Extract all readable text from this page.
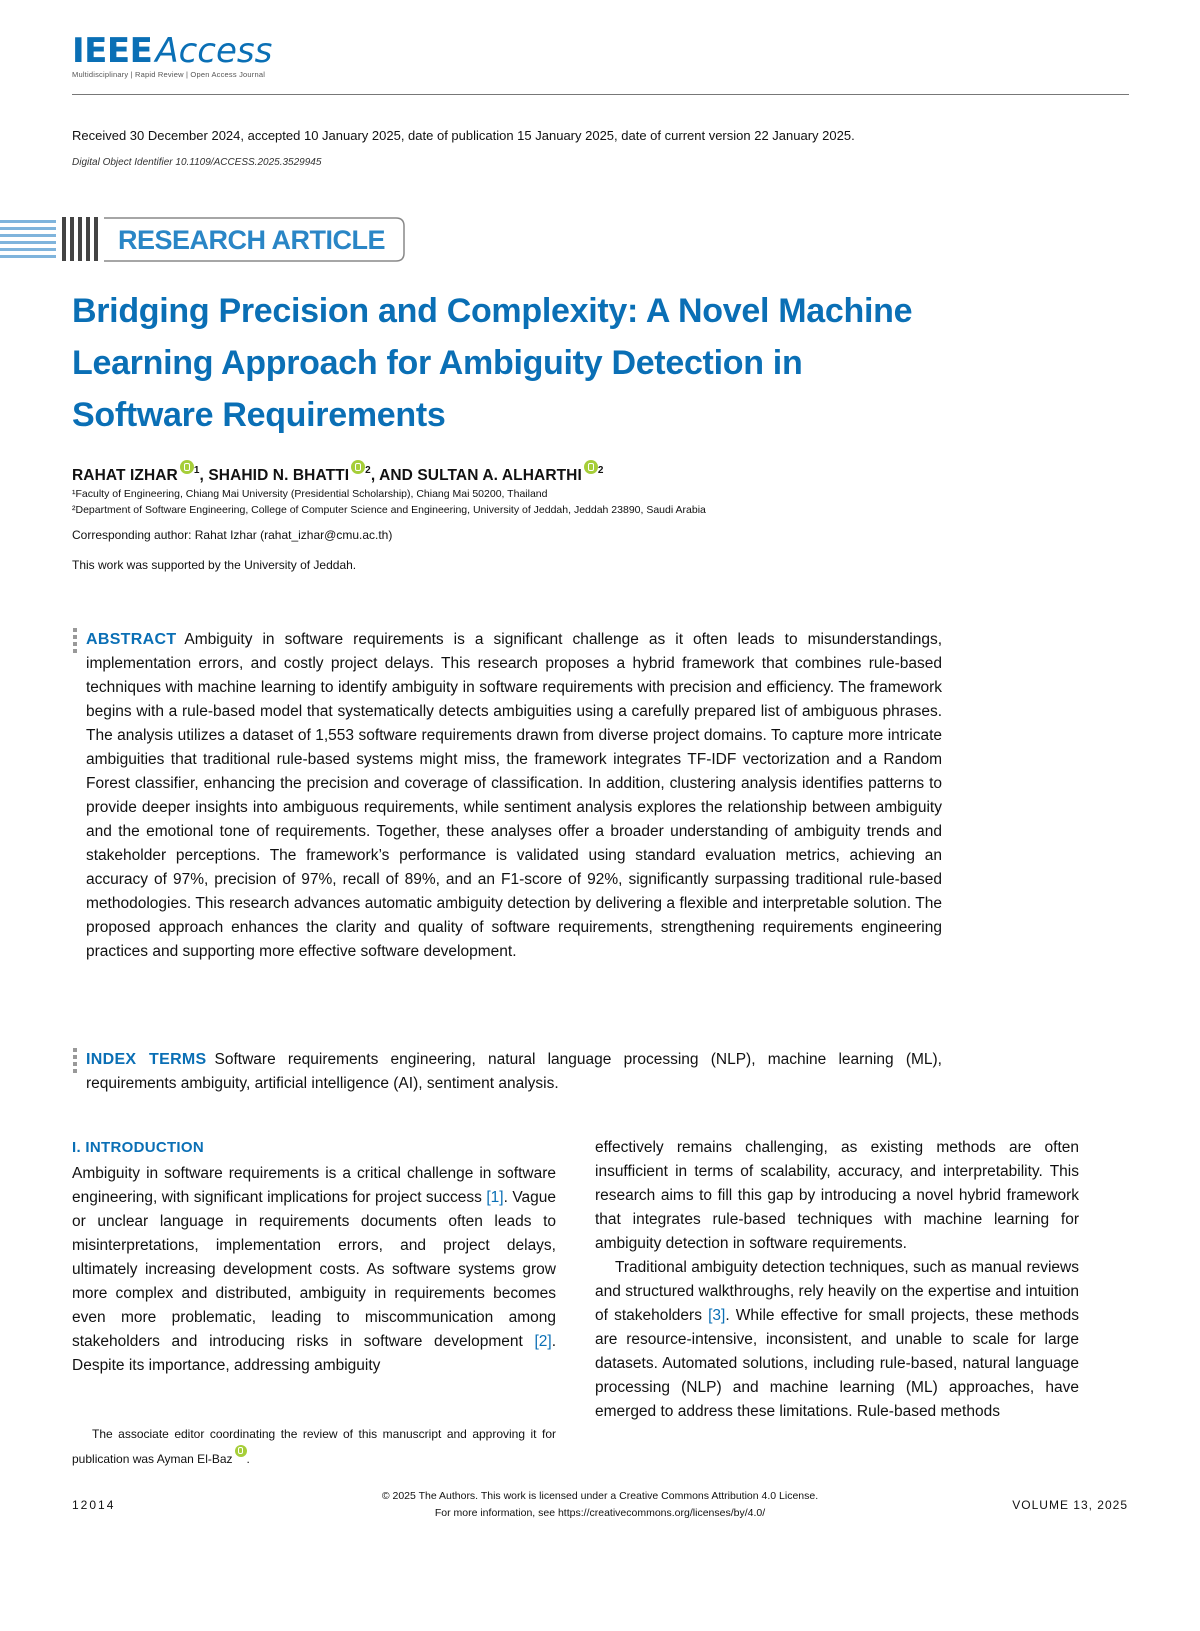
IEEEAccess
Multidisciplinary | Rapid Review | Open Access Journal
Received 30 December 2024, accepted 10 January 2025, date of publication 15 January 2025, date of current version 22 January 2025.
Digital Object Identifier 10.1109/ACCESS.2025.3529945
RESEARCH ARTICLE
Bridging Precision and Complexity: A Novel Machine Learning Approach for Ambiguity Detection in Software Requirements
RAHAT IZHAR $^1$, SHAHID N. BHATTI $^2$, AND SULTAN A. ALHARTHI $^2$
¹Faculty of Engineering, Chiang Mai University (Presidential Scholarship), Chiang Mai 50200, Thailand
²Department of Software Engineering, College of Computer Science and Engineering, University of Jeddah, Jeddah 23890, Saudi Arabia
Corresponding author: Rahat Izhar (rahat_izhar@cmu.ac.th)
This work was supported by the University of Jeddah.
ABSTRACT Ambiguity in software requirements is a significant challenge as it often leads to misunderstandings, implementation errors, and costly project delays. This research proposes a hybrid framework that combines rule-based techniques with machine learning to identify ambiguity in software requirements with precision and efficiency. The framework begins with a rule-based model that systematically detects ambiguities using a carefully prepared list of ambiguous phrases. The analysis utilizes a dataset of 1,553 software requirements drawn from diverse project domains. To capture more intricate ambiguities that traditional rule-based systems might miss, the framework integrates TF-IDF vectorization and a Random Forest classifier, enhancing the precision and coverage of classification. In addition, clustering analysis identifies patterns to provide deeper insights into ambiguous requirements, while sentiment analysis explores the relationship between ambiguity and the emotional tone of requirements. Together, these analyses offer a broader understanding of ambiguity trends and stakeholder perceptions. The framework’s performance is validated using standard evaluation metrics, achieving an accuracy of 97%, precision of 97%, recall of 89%, and an F1-score of 92%, significantly surpassing traditional rule-based methodologies. This research advances automatic ambiguity detection by delivering a flexible and interpretable solution. The proposed approach enhances the clarity and quality of software requirements, strengthening requirements engineering practices and supporting more effective software development.
INDEX TERMS Software requirements engineering, natural language processing (NLP), machine learning (ML), requirements ambiguity, artificial intelligence (AI), sentiment analysis.
I. INTRODUCTION

Ambiguity in software requirements is a critical challenge in software engineering, with significant implications for project success [1]. Vague or unclear language in requirements documents often leads to misinterpretations, implementation errors, and project delays, ultimately increasing development costs. As software systems grow more complex and distributed, ambiguity in requirements becomes even more problematic, leading to miscommunication among stakeholders and introducing risks in software development [2]. Despite its importance, addressing ambiguity

effectively remains challenging, as existing methods are often insufficient in terms of scalability, accuracy, and interpretability. This research aims to fill this gap by introducing a novel hybrid framework that integrates rule-based techniques with machine learning for ambiguity detection in software requirements.

Traditional ambiguity detection techniques, such as manual reviews and structured walkthroughs, rely heavily on the expertise and intuition of stakeholders [3]. While effective for small projects, these methods are resource-intensive, inconsistent, and unable to scale for large datasets. Automated solutions, including rule-based, natural language processing (NLP) and machine learning (ML) approaches, have emerged to address these limitations. Rule-based methods

The associate editor coordinating the review of this manuscript and approving it for publication was Ayman El-Baz .
12014
© 2025 The Authors. This work is licensed under a Creative Commons Attribution 4.0 License.
For more information, see https://creativecommons.org/licenses/by/4.0/
VOLUME 13, 2025
